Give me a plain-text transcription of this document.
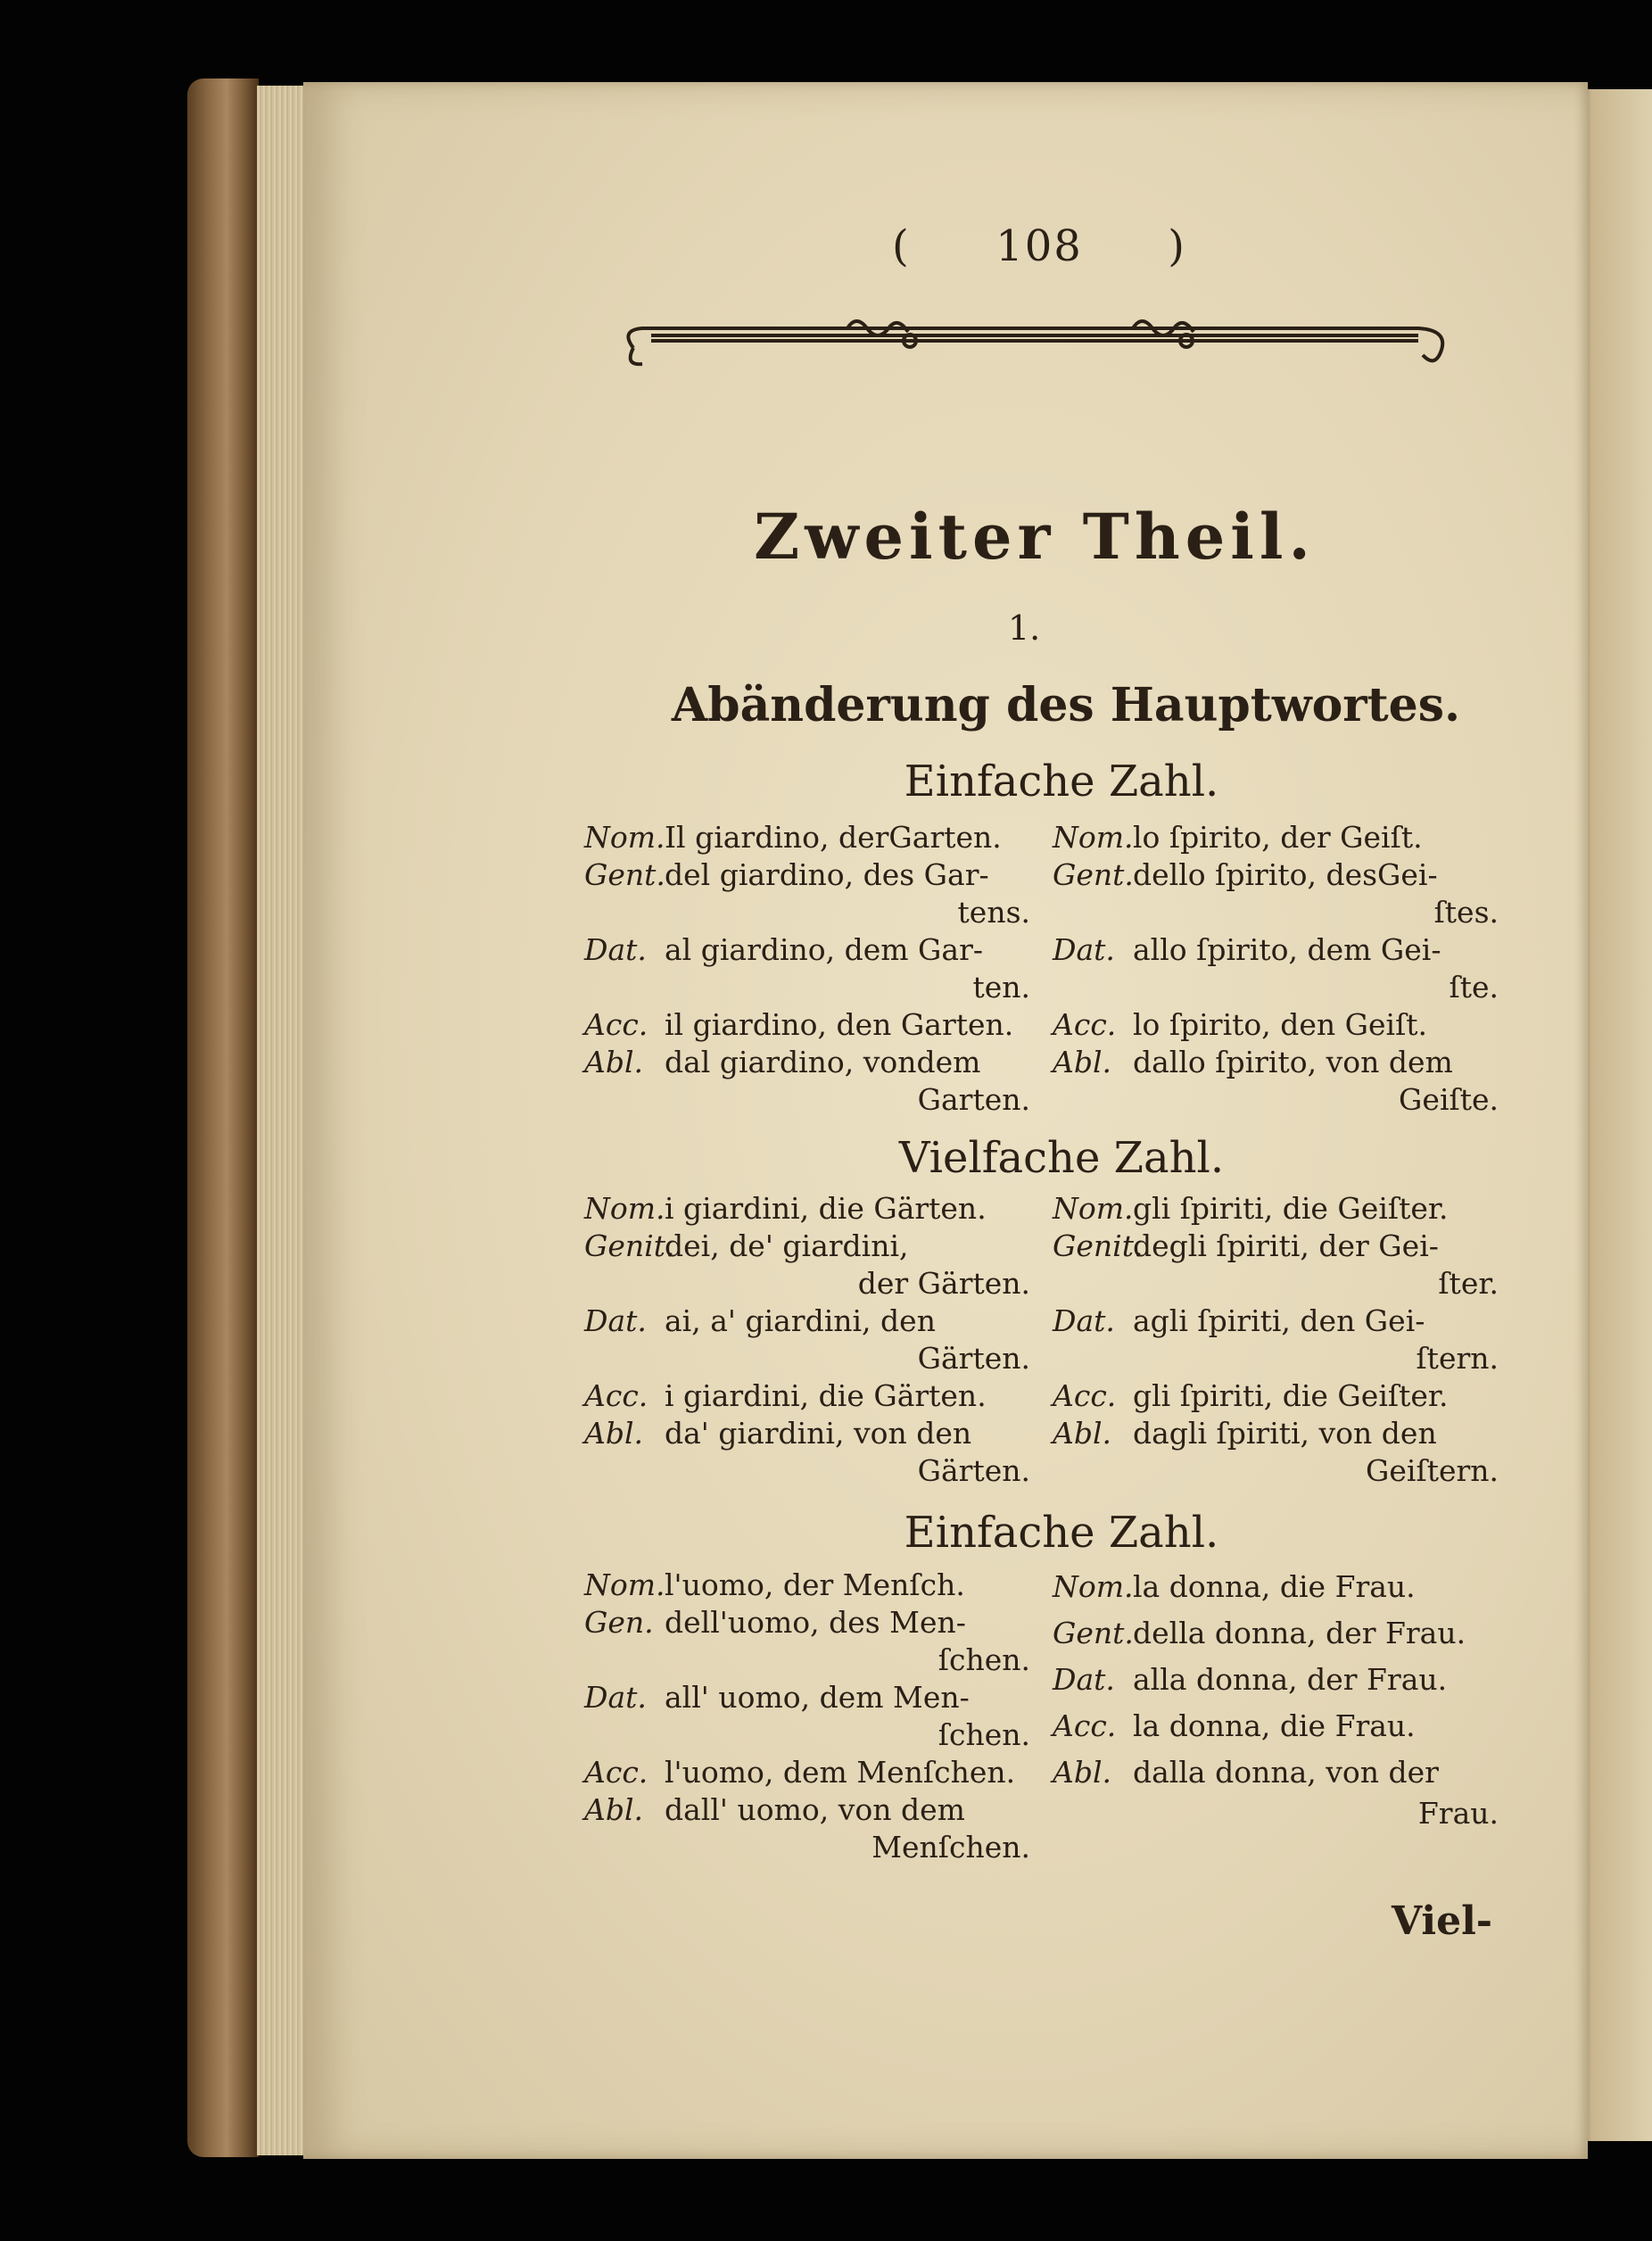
( 108 )
Zweiter Theil.
1.
Abänderung des Hauptwortes.
Einfache Zahl.
Nom. Il giardino, derGarten.
Gent. del giardino, des Gar-
tens.
Dat. al giardino, dem Gar-
ten.
Acc. il giardino, den Garten.
Abl. dal giardino, vondem
Garten.
Nom. lo ſpirito, der Geiſt.
Gent. dello ſpirito, desGei-
ſtes.
Dat. allo ſpirito, dem Gei-
ſte.
Acc. lo ſpirito, den Geiſt.
Abl. dallo ſpirito, von dem
Geiſte.
Vielfache Zahl.
Nom. i giardini, die Gärten.
Genit.
dei, de' giardini,
der Gärten.
Dat. ai, a' giardini, den
Gärten.
Acc. i giardini, die Gärten.
Abl. da' giardini, von den
Gärten.
Nom. gli ſpiriti, die Geiſter.
Genit.
degli ſpiriti, der Gei-
ſter.
Dat. agli ſpiriti, den Gei-
ſtern.
Acc. gli ſpiriti, die Geiſter.
Abl. dagli ſpiriti, von den
Geiſtern.
Einfache Zahl.
Nom. l'uomo, der Menſch.
Gen. dell'uomo, des Men-
ſchen.
Dat. all' uomo, dem Men-
ſchen.
Acc. l'uomo, dem Menſchen.
Abl. dall' uomo, von dem
Menſchen.
Nom. la donna, die Frau.
Gent. della donna, der Frau.
Dat. alla donna, der Frau.
Acc. la donna, die Frau.
Abl. dalla donna, von der
Frau.
Viel-
